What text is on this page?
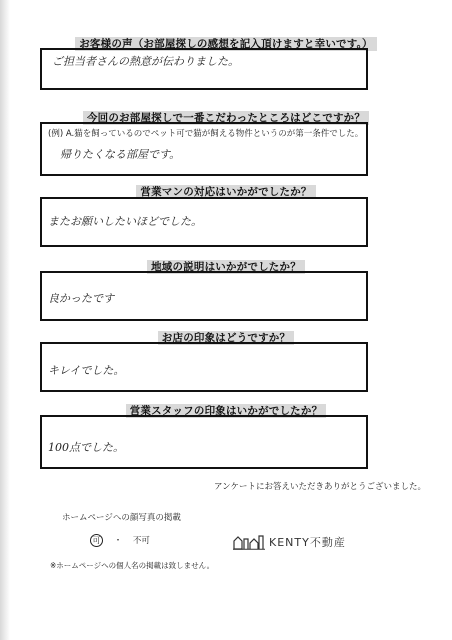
お客様の声（お部屋探しの感想を記入頂けますと幸いです。）
ご担当者さんの熱意が伝わりました。
今回のお部屋探しで一番こだわったところはどこですか？
(例) A.猫を飼っているのでペット可で猫が飼える物件というのが第一条件でした。
帰りたくなる部屋です。
営業マンの対応はいかがでしたか？
またお願いしたいほどでした。
地域の説明はいかがでしたか？
良かったです
お店の印象はどうですか？
キレイでした。
営業スタッフの印象はいかがでしたか？
100点でした。
アンケートにお答えいただきありがとうございました。
ホームページへの顔写真の掲載
可 ・ 不可	KENTY不動産
※ホームページへの個人名の掲載は致しません。
